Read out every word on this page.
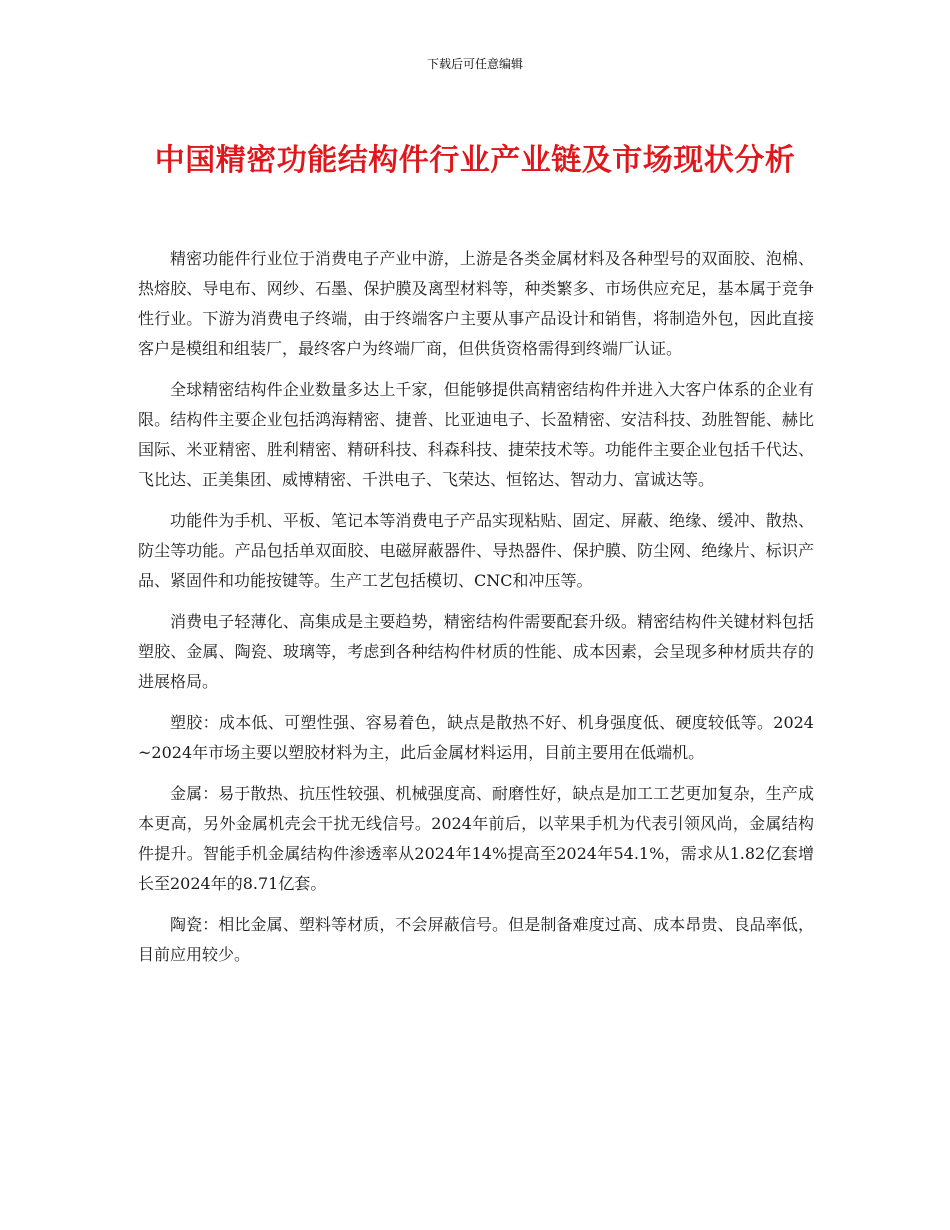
下载后可任意编辑
中国精密功能结构件行业产业链及市场现状分析

精密功能件行业位于消费电子产业中游，上游是各类金属材料及各种型号的双面胶、泡棉、热熔胶、导电布、网纱、石墨、保护膜及离型材料等，种类繁多、市场供应充足，基本属于竞争性行业。下游为消费电子终端，由于终端客户主要从事产品设计和销售，将制造外包，因此直接客户是模组和组装厂，最终客户为终端厂商，但供货资格需得到终端厂认证。

全球精密结构件企业数量多达上千家，但能够提供高精密结构件并进入大客户体系的企业有限。结构件主要企业包括鸿海精密、捷普、比亚迪电子、长盈精密、安洁科技、劲胜智能、赫比国际、米亚精密、胜利精密、精研科技、科森科技、捷荣技术等。功能件主要企业包括千代达、飞比达、正美集团、威博精密、千洪电子、飞荣达、恒铭达、智动力、富诚达等。

功能件为手机、平板、笔记本等消费电子产品实现粘贴、固定、屏蔽、绝缘、缓冲、散热、防尘等功能。产品包括单双面胶、电磁屏蔽器件、导热器件、保护膜、防尘网、绝缘片、标识产品、紧固件和功能按键等。生产工艺包括模切、CNC和冲压等。

消费电子轻薄化、高集成是主要趋势，精密结构件需要配套升级。精密结构件关键材料包括塑胶、金属、陶瓷、玻璃等，考虑到各种结构件材质的性能、成本因素，会呈现多种材质共存的进展格局。

塑胶：成本低、可塑性强、容易着色，缺点是散热不好、机身强度低、硬度较低等。2024~2024年市场主要以塑胶材料为主，此后金属材料运用，目前主要用在低端机。

金属：易于散热、抗压性较强、机械强度高、耐磨性好，缺点是加工工艺更加复杂，生产成本更高，另外金属机壳会干扰无线信号。2024年前后，以苹果手机为代表引领风尚，金属结构件提升。智能手机金属结构件渗透率从2024年14%提高至2024年54.1%，需求从1.82亿套增长至2024年的8.71亿套。

陶瓷：相比金属、塑料等材质，不会屏蔽信号。但是制备难度过高、成本昂贵、良品率低，目前应用较少。
